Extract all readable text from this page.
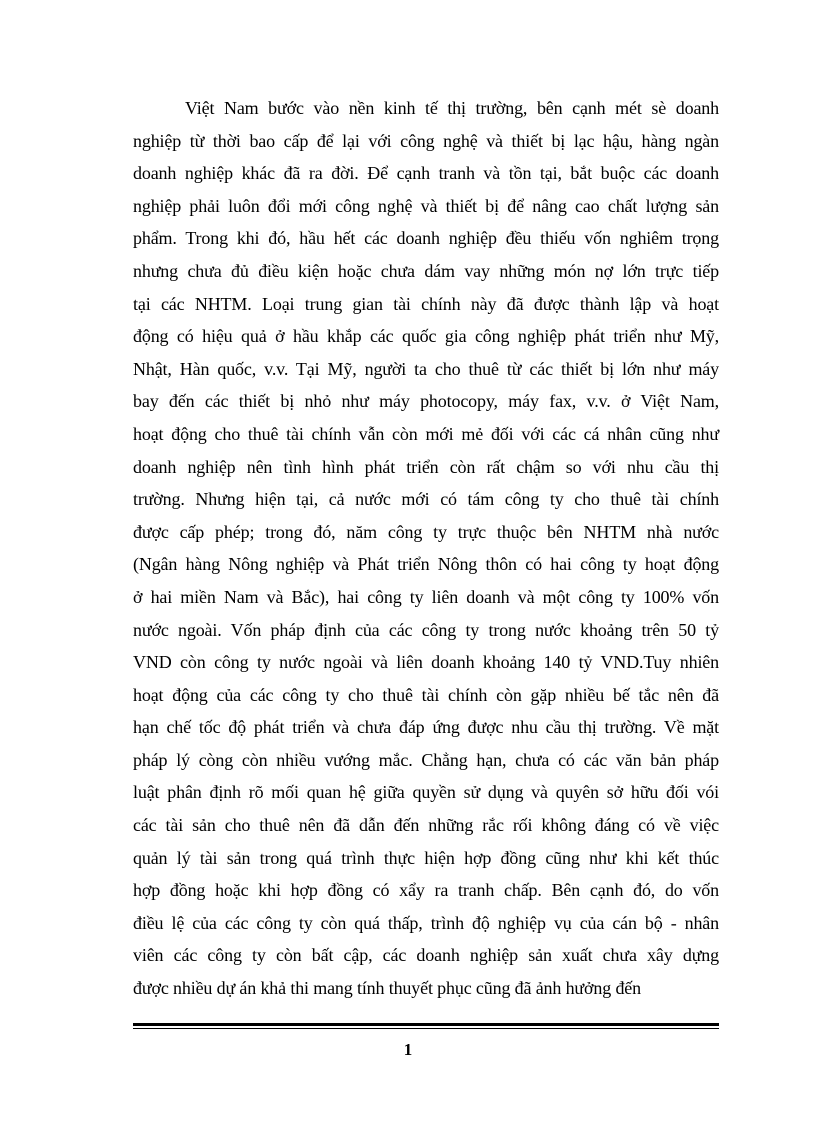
Việt Nam bước vào nền kinh tế thị trường, bên cạnh mét sè doanh
nghiệp từ thời bao cấp để lại với công nghệ và thiết bị lạc hậu, hàng ngàn
doanh nghiệp khác đã ra đời. Để cạnh tranh và tồn tại, bắt buộc các doanh
nghiệp phải luôn đổi mới công nghệ và thiết bị để nâng cao chất lượng sản
phẩm. Trong khi đó, hầu hết các doanh nghiệp đều thiếu vốn nghiêm trọng
nhưng chưa đủ điều kiện hoặc chưa dám vay những món nợ lớn trực tiếp
tại các NHTM. Loại trung gian tài chính này đã được thành lập và hoạt
động có hiệu quả ở hầu khắp các quốc gia công nghiệp phát triển như Mỹ,
Nhật, Hàn quốc, v.v. Tại Mỹ, người ta cho thuê từ các thiết bị lớn như máy
bay đến các thiết bị nhỏ như máy photocopy, máy fax, v.v. ở Việt Nam,
hoạt động cho thuê tài chính vẫn còn mới mẻ đối với các cá nhân cũng như
doanh nghiệp nên tình hình phát triển còn rất chậm so với nhu cầu thị
trường. Nhưng hiện tại, cả nước mới có tám công ty cho thuê tài chính
được cấp phép; trong đó, năm công ty trực thuộc bên NHTM nhà nước
(Ngân hàng Nông nghiệp và Phát triển Nông thôn có hai công ty hoạt động
ở hai miền Nam và Bắc), hai công ty liên doanh và một công ty 100% vốn
nước ngoài. Vốn pháp định của các công ty trong nước khoảng trên 50 tỷ
VND còn công ty nước ngoài và liên doanh khoảng 140 tỷ VND.Tuy nhiên
hoạt động của các công ty cho thuê tài chính còn gặp nhiều bế tắc nên đã
hạn chế tốc độ phát triển và chưa đáp ứng được nhu cầu thị trường. Về mặt
pháp lý còng còn nhiều vướng mắc. Chẳng hạn, chưa có các văn bản pháp
luật phân định rõ mối quan hệ giữa quyền sử dụng và quyên sở hữu đối vói
các tài sản cho thuê nên đã dẫn đến những rắc rối không đáng có về việc
quản lý tài sản trong quá trình thực hiện hợp đồng cũng như khi kết thúc
hợp đồng hoặc khi hợp đồng có xẩy ra tranh chấp. Bên cạnh đó, do vốn
điều lệ của các công ty còn quá thấp, trình độ nghiệp vụ của cán bộ - nhân
viên các công ty còn bất cập, các doanh nghiệp sản xuất chưa xây dựng
được nhiều dự án khả thi mang tính thuyết phục cũng đã ảnh hưởng đến
1
